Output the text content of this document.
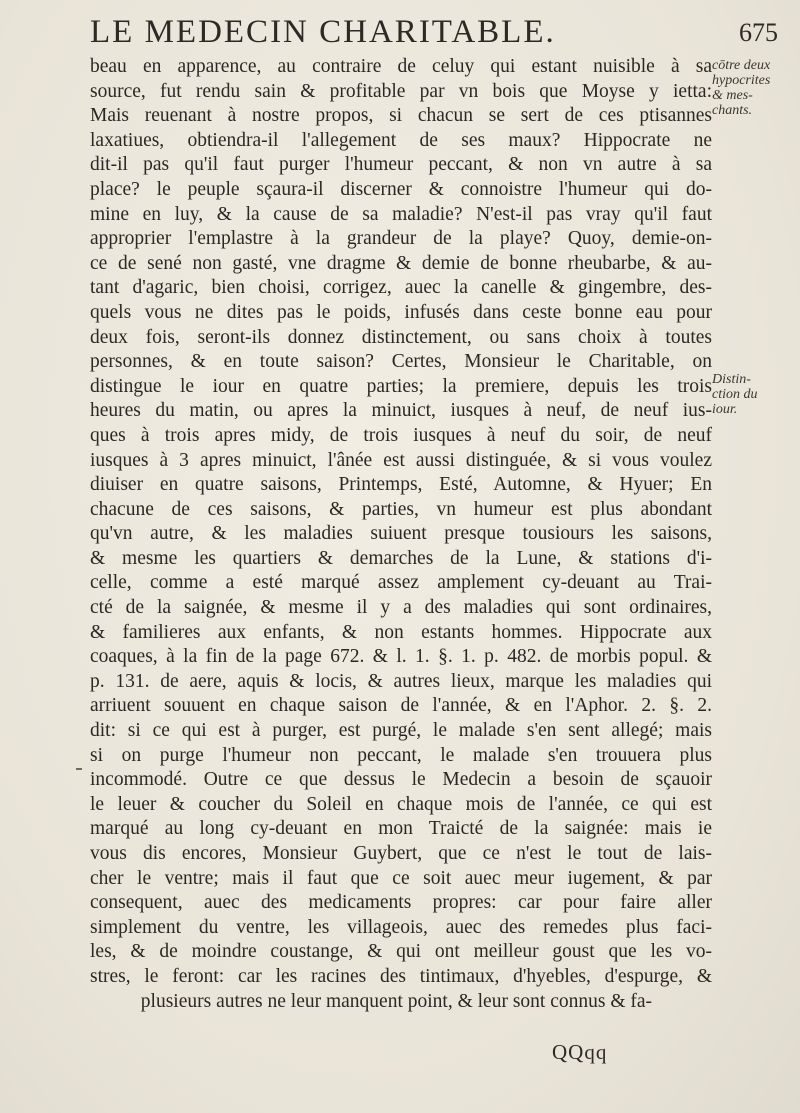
LE MEDECIN CHARITABLE.	675
beau en apparence, au contraire de celuy qui estant nuisible à sa
source, fut rendu sain & profitable par vn bois que Moyse y ietta:
Mais reuenant à nostre propos, si chacun se sert de ces ptisannes
laxatiues, obtiendra-il l'allegement de ses maux? Hippocrate ne
dit-il pas qu'il faut purger l'humeur peccant, & non vn autre à sa
place? le peuple sçaura-il discerner & connoistre l'humeur qui do-
mine en luy, & la cause de sa maladie? N'est-il pas vray qu'il faut
approprier l'emplastre à la grandeur de la playe? Quoy, demie-on-
ce de sené non gasté, vne dragme & demie de bonne rheubarbe, & au-
tant d'agaric, bien choisi, corrigez, auec la canelle & gingembre, des-
quels vous ne dites pas le poids, infusés dans ceste bonne eau pour
deux fois, seront-ils donnez distinctement, ou sans choix à toutes
personnes, & en toute saison? Certes, Monsieur le Charitable, on
distingue le iour en quatre parties; la premiere, depuis les trois
heures du matin, ou apres la minuict, iusques à neuf, de neuf ius-
ques à trois apres midy, de trois iusques à neuf du soir, de neuf
iusques à 3 apres minuict, l'ânée est aussi distinguée, & si vous voulez
diuiser en quatre saisons, Printemps, Esté, Automne, & Hyuer; En
chacune de ces saisons, & parties, vn humeur est plus abondant
qu'vn autre, & les maladies suiuent presque tousiours les saisons,
& mesme les quartiers & demarches de la Lune, & stations d'i-
celle, comme a esté marqué assez amplement cy-deuant au Trai-
cté de la saignée, & mesme il y a des maladies qui sont ordinaires,
& familieres aux enfants, & non estants hommes. Hippocrate aux
coaques, à la fin de la page 672. & l. 1. §. 1. p. 482. de morbis popul. &
p. 131. de aere, aquis & locis, & autres lieux, marque les maladies qui
arriuent souuent en chaque saison de l'année, & en l'Aphor. 2. §. 2.
dit: si ce qui est à purger, est purgé, le malade s'en sent allegé; mais
si on purge l'humeur non peccant, le malade s'en trouuera plus
incommodé. Outre ce que dessus le Medecin a besoin de sçauoir
le leuer & coucher du Soleil en chaque mois de l'année, ce qui est
marqué au long cy-deuant en mon Traicté de la saignée: mais ie
vous dis encores, Monsieur Guybert, que ce n'est le tout de lais-
cher le ventre; mais il faut que ce soit auec meur iugement, & par
consequent, auec des medicaments propres: car pour faire aller
simplement du ventre, les villageois, auec des remedes plus faci-
les, & de moindre coustange, & qui ont meilleur goust que les vo-
stres, le feront: car les racines des tintimaux, d'hyebles, d'espurge, &
plusieurs autres ne leur manquent point, & leur sont connus & fa-
cōtre deux
hypocrites
& mes-
chants.
Distin-
ction du
iour.
QQqq
